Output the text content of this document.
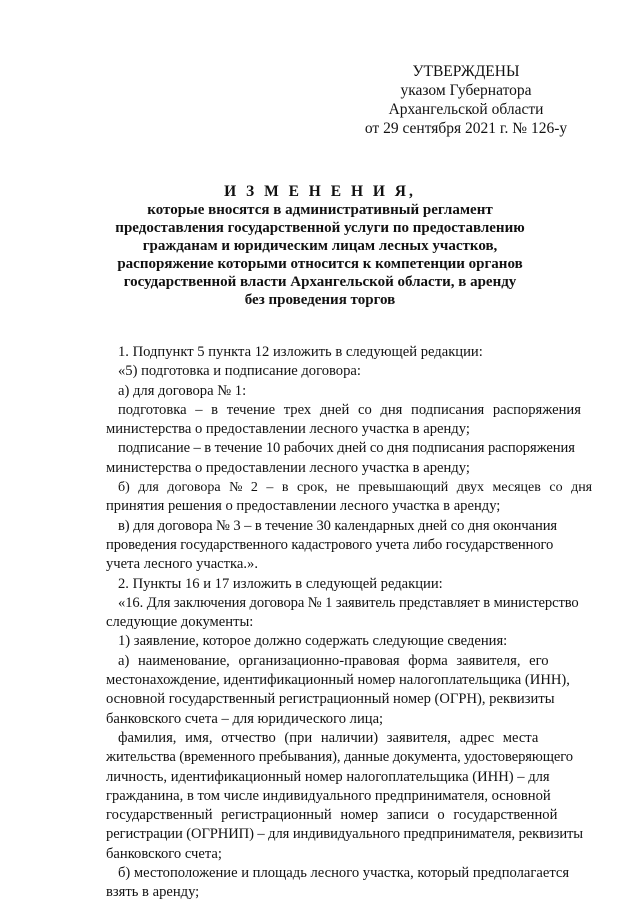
УТВЕРЖДЕНЫ
указом Губернатора
Архангельской области
от 29 сентября 2021 г. № 126-у
И З М Е Н Е Н И Я,
которые вносятся в административный регламент
предоставления государственной услуги по предоставлению
гражданам и юридическим лицам лесных участков,
распоряжение которыми относится к компетенции органов
государственной власти Архангельской области, в аренду
без проведения торгов

1. Подпункт 5 пункта 12 изложить в следующей редакции:

«5) подготовка и подписание договора:

а) для договора № 1:

подготовка – в течение трех дней со дня подписания распоряжения

министерства о предоставлении лесного участка в аренду;

подписание – в течение 10 рабочих дней со дня подписания распоряжения

министерства о предоставлении лесного участка в аренду;

б) для договора № 2 – в срок, не превышающий двух месяцев со дня

принятия решения о предоставлении лесного участка в аренду;

в) для договора № 3 – в течение 30 календарных дней со дня окончания

проведения государственного кадастрового учета либо государственного

учета лесного участка.».

2. Пункты 16 и 17 изложить в следующей редакции:

«16. Для заключения договора № 1 заявитель представляет в министерство

следующие документы:

1) заявление, которое должно содержать следующие сведения:

а) наименование, организационно-правовая форма заявителя, его

местонахождение, идентификационный номер налогоплательщика (ИНН),

основной государственный регистрационный номер (ОГРН), реквизиты

банковского счета – для юридического лица;

фамилия, имя, отчество (при наличии) заявителя, адрес места

жительства (временного пребывания), данные документа, удостоверяющего

личность, идентификационный номер налогоплательщика (ИНН) – для

гражданина, в том числе индивидуального предпринимателя, основной

государственный регистрационный номер записи о государственной

регистрации (ОГРНИП) – для индивидуального предпринимателя, реквизиты

банковского счета;

б) местоположение и площадь лесного участка, который предполагается

взять в аренду;
